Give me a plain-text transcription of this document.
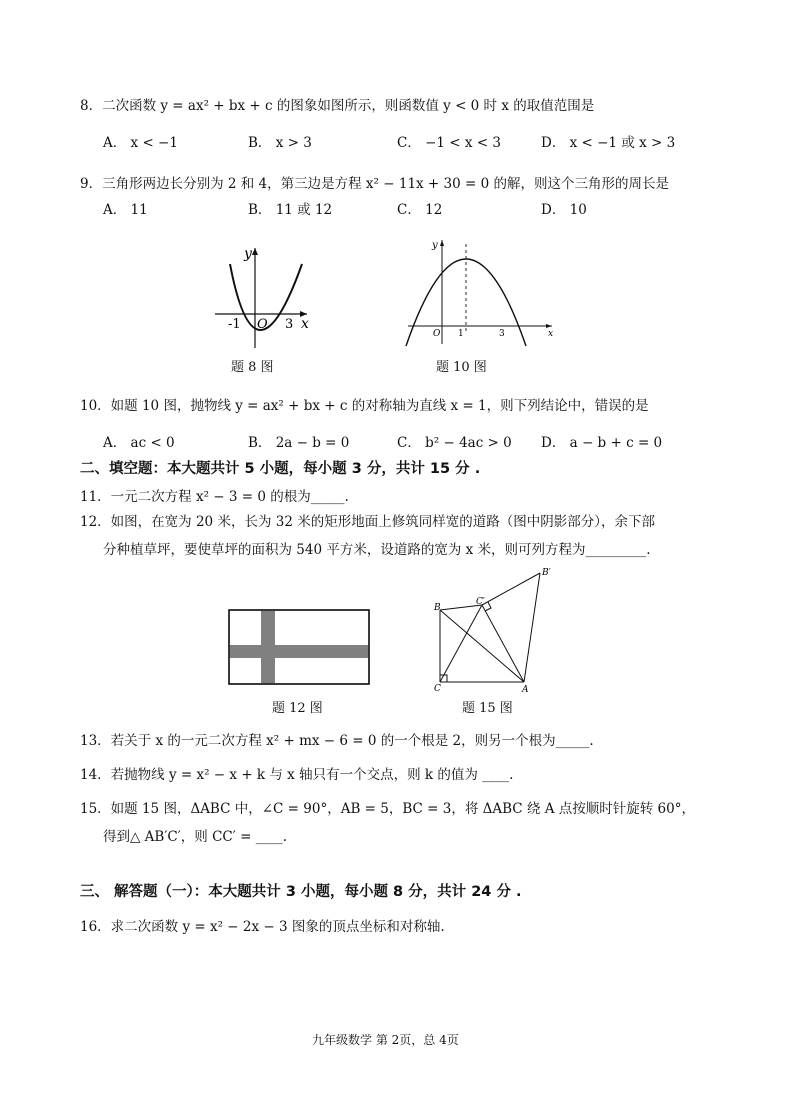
8．二次函数 y = ax² + bx + c 的图象如图所示，则函数值 y < 0 时 x 的取值范围是
A． x < −1	B． x > 3	C． −1 < x < 3	D． x < −1 或 x > 3
9．三角形两边长分别为 2 和 4，第三边是方程 x² − 11x + 30 = 0 的解，则这个三角形的周长是
A． 11	B． 11 或 12	C． 12	D． 10
y
x
O
-1	3
题 8 图
y
x
O 1	3
题 10 图
10．如题 10 图，抛物线 y = ax² + bx + c 的对称轴为直线 x = 1，则下列结论中，错误的是
A． ac < 0	B． 2a − b = 0	C． b² − 4ac > 0 D． a − b + c = 0
二、填空题：本大题共计 5 小题，每小题 3 分，共计 15 分 .
11．一元二次方程 x² − 3 = 0 的根为_____.
12．如图，在宽为 20 米，长为 32 米的矩形地面上修筑同样宽的道路（图中阴影部分），余下部
分种植草坪，要使草坪的面积为 540 平方米，设道路的宽为 x 米，则可列方程为_________.
题 12 图
B
C	A
C′
B′
题 15 图
13．若关于 x 的一元二次方程 x² + mx − 6 = 0 的一个根是 2，则另一个根为_____.
14．若抛物线 y = x² − x + k 与 x 轴只有一个交点，则 k 的值为 ____.
15．如题 15 图，ΔABC 中，∠C = 90°，AB = 5，BC = 3，将 ΔABC 绕 A 点按顺时针旋转 60°，
得到△ AB′C′，则 CC′ = ____.
三、 解答题（一）：本大题共计 3 小题，每小题 8 分，共计 24 分 .
16．求二次函数 y = x² − 2x − 3 图象的顶点坐标和对称轴.
九年级数学 第 2页，总 4页
